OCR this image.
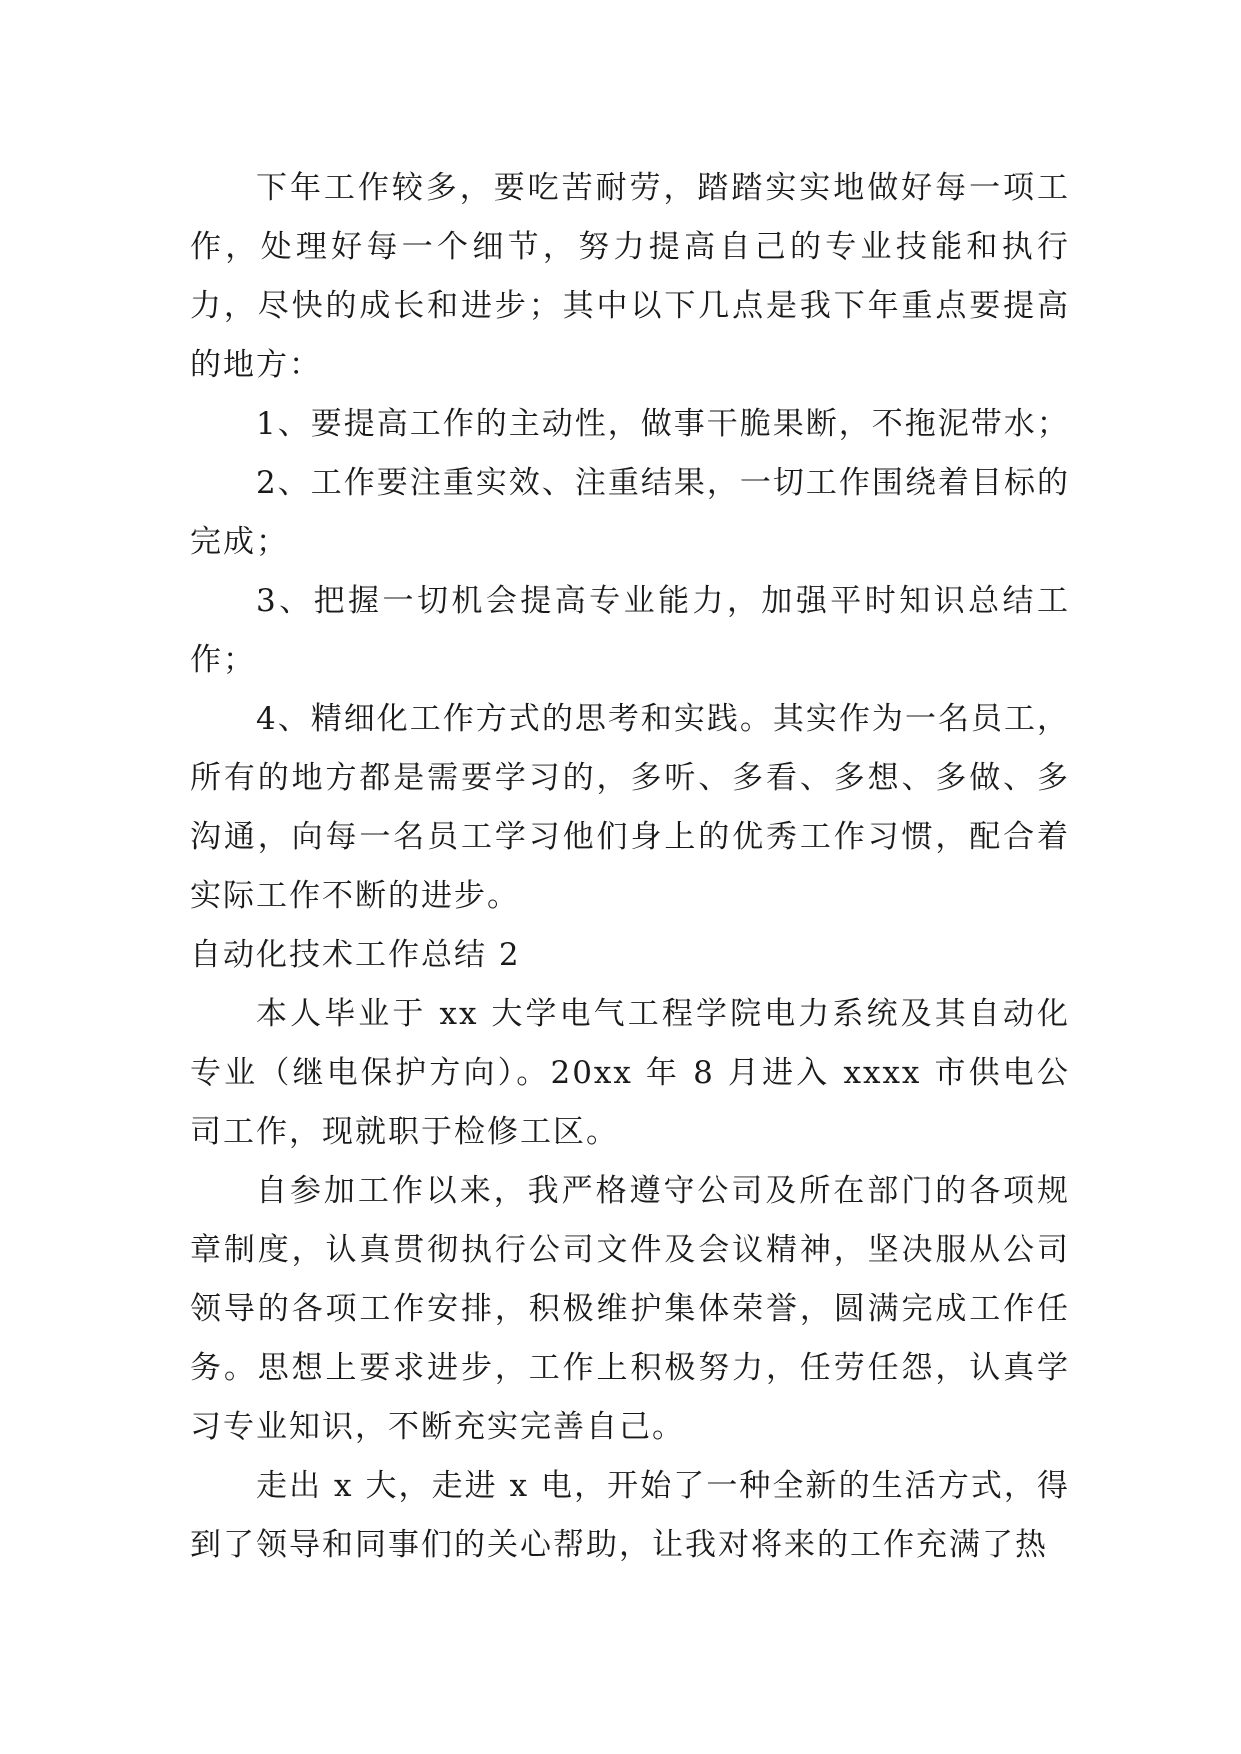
下年工作较多，要吃苦耐劳，踏踏实实地做好每一项工作，处理好每一个细节，努力提高自己的专业技能和执行力，尽快的成长和进步；其中以下几点是我下年重点要提高的地方：

1、要提高工作的主动性，做事干脆果断，不拖泥带水；

2、工作要注重实效、注重结果，一切工作围绕着目标的完成；

3、把握一切机会提高专业能力，加强平时知识总结工作；

4、精细化工作方式的思考和实践。其实作为一名员工，所有的地方都是需要学习的，多听、多看、多想、多做、多沟通，向每一名员工学习他们身上的优秀工作习惯，配合着实际工作不断的进步。

自动化技术工作总结 2

本人毕业于 xx 大学电气工程学院电力系统及其自动化专业（继电保护方向）。20xx 年 8 月进入 xxxx 市供电公司工作，现就职于检修工区。

自参加工作以来，我严格遵守公司及所在部门的各项规章制度，认真贯彻执行公司文件及会议精神，坚决服从公司领导的各项工作安排，积极维护集体荣誉，圆满完成工作任务。思想上要求进步，工作上积极努力，任劳任怨，认真学习专业知识，不断充实完善自己。

走出 x 大，走进 x 电，开始了一种全新的生活方式，得到了领导和同事们的关心帮助，让我对将来的工作充满了热
